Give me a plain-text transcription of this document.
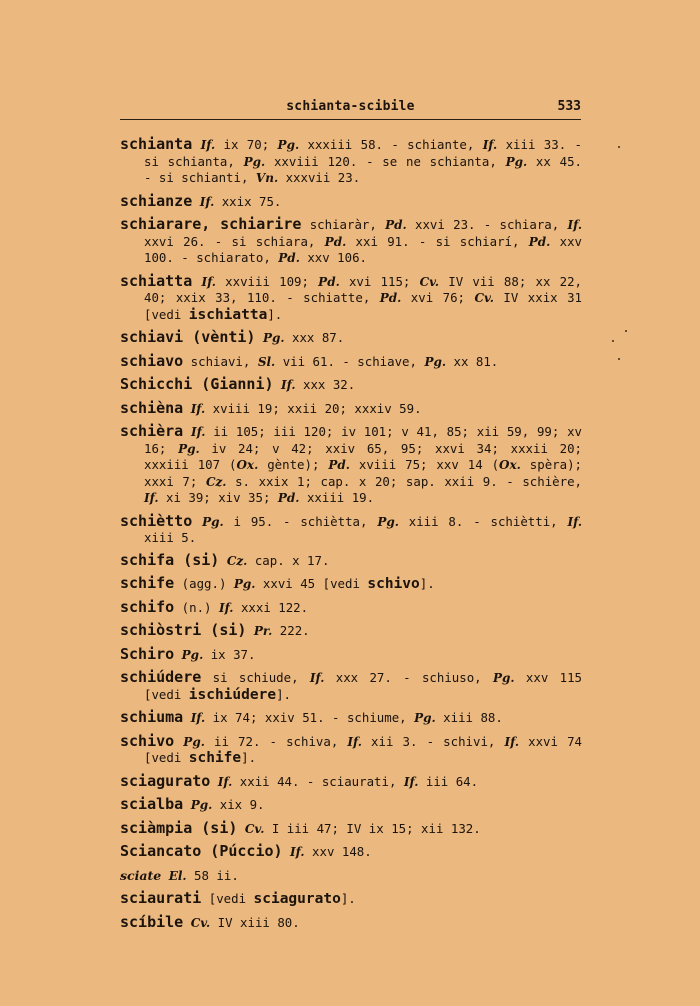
schianta-scibile	533
schianta If. ix 70; Pg. xxxiii 58. - schiante, If. xiii 33. - si schianta, Pg. xxviii 120. - se ne schianta, Pg. xx 45. - si schianti, Vn. xxxvii 23.
schianze If. xxix 75.
schiarare, schiarire schiaràr, Pd. xxvi 23. - schiara, If. xxvi 26. - si schiara, Pd. xxi 91. - si schiarí, Pd. xxv 100. - schiarato, Pd. xxv 106.
schiatta If. xxviii 109; Pd. xvi 115; Cv. IV vii 88; xx 22, 40; xxix 33, 110. - schiatte, Pd. xvi 76; Cv. IV xxix 31 [vedi ischiatta].
schiavi (vènti) Pg. xxx 87.
schiavo schiavi, Sl. vii 61. - schiave, Pg. xx 81.
Schicchi (Gianni) If. xxx 32.
schièna If. xviii 19; xxii 20; xxxiv 59.
schièra If. ii 105; iii 120; iv 101; v 41, 85; xii 59, 99; xv 16; Pg. iv 24; v 42; xxiv 65, 95; xxvi 34; xxxii 20; xxxiii 107 (Ox. gènte); Pd. xviii 75; xxv 14 (Ox. spèra); xxxi 7; Cz. s. xxix 1; cap. x 20; sap. xxii 9. - schière, If. xi 39; xiv 35; Pd. xxiii 19.
schiètto Pg. i 95. - schiètta, Pg. xiii 8. - schiètti, If. xiii 5.
schifa (si) Cz. cap. x 17.
schife (agg.) Pg. xxvi 45 [vedi schivo].
schifo (n.) If. xxxi 122.
schiòstri (si) Pr. 222.
Schiro Pg. ix 37.
schiúdere si schiude, If. xxx 27. - schiuso, Pg. xxv 115 [vedi ischiúdere].
schiuma If. ix 74; xxiv 51. - schiume, Pg. xiii 88.
schivo Pg. ii 72. - schiva, If. xii 3. - schivi, If. xxvi 74 [vedi schife].
sciagurato If. xxii 44. - sciaurati, If. iii 64.
scialba Pg. xix 9.
sciàmpia (si) Cv. I iii 47; IV ix 15; xii 132.
Sciancato (Púccio) If. xxv 148.
sciate El. 58 ii.
sciaurati [vedi sciagurato].
scíbile Cv. IV xiii 80.
